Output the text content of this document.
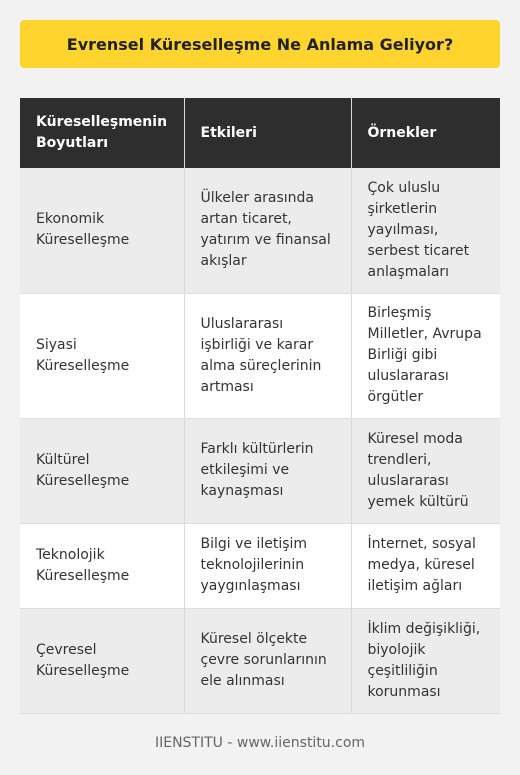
Evrensel Küreselleşme Ne Anlama Geliyor?
Küreselleşmenin Boyutları	Etkileri	Örnekler
Ekonomik Küreselleşme	Ülkeler arasında artan ticaret, yatırım ve finansal akışlar	Çok uluslu şirketlerin yayılması, serbest ticaret anlaşmaları
Siyasi Küreselleşme	Uluslararası işbirliği ve karar alma süreçlerinin artması	Birleşmiş Milletler, Avrupa Birliği gibi uluslararası örgütler
Kültürel Küreselleşme	Farklı kültürlerin etkileşimi ve kaynaşması	Küresel moda trendleri, uluslararası yemek kültürü
Teknolojik Küreselleşme	Bilgi ve iletişim teknolojilerinin yaygınlaşması	İnternet, sosyal medya, küresel iletişim ağları
Çevresel Küreselleşme	Küresel ölçekte çevre sorunlarının ele alınması	İklim değişikliği, biyolojik çeşitliliğin korunması
IIENSTITU - www.iienstitu.com
